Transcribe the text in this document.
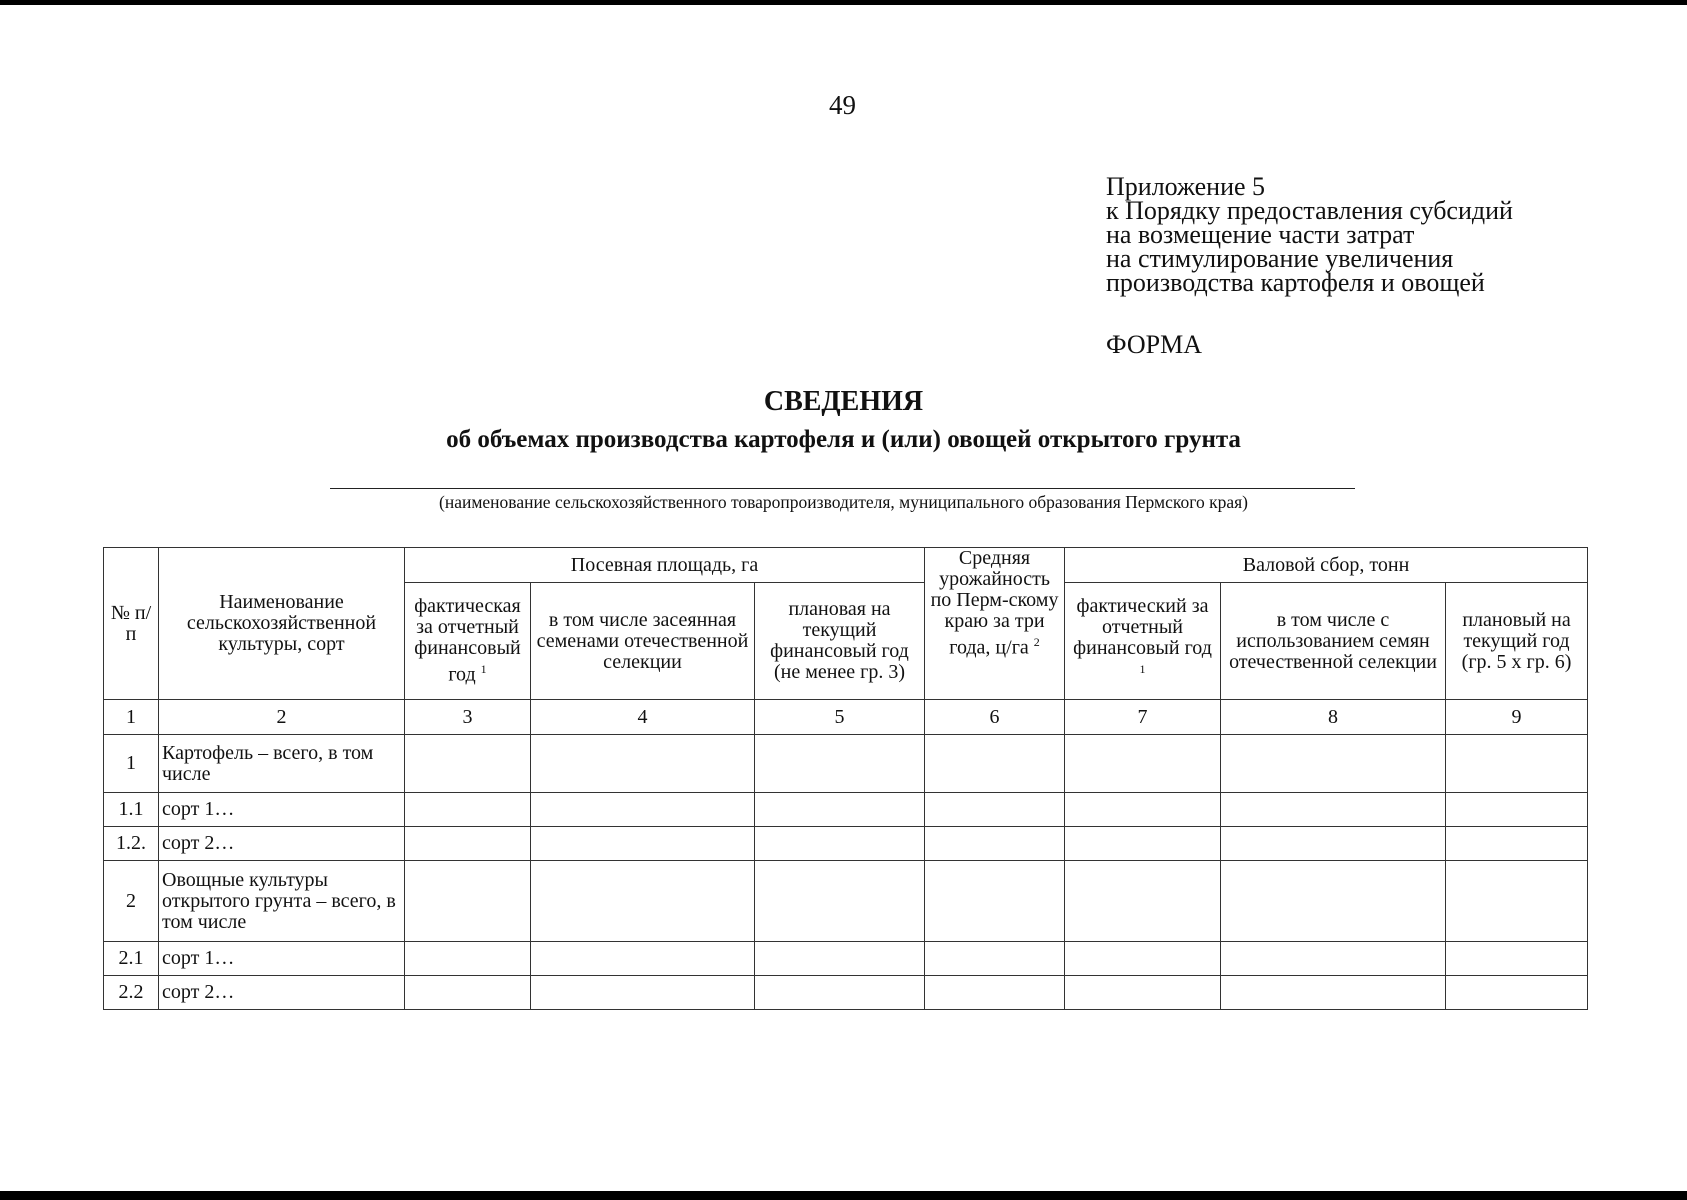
49
Приложение 5
к Порядку предоставления субсидий
на возмещение части затрат
на стимулирование увеличения
производства картофеля и овощей
ФОРМА
СВЕДЕНИЯ
об объемах производства картофеля и (или) овощей открытого грунта
(наименование сельскохозяйственного товаропроизводителя, муниципального образования Пермского края)
№ п/п	Наименование сельскохозяйственной культуры, сорт	Посевная площадь, га			Средняя урожайность по Перм-скому краю за три года, ц/га $^2$	Валовой сбор, тонн		
		фактическая за отчетный финансовый год $^1$	в том числе засеянная семенами отечественной селекции	плановая на текущий финансовый год (не менее гр. 3)		фактический за отчетный финансовый год $^1$	в том числе с использованием семян отечественной селекции	плановый на текущий год (гр. 5 х гр. 6)
1	2	3	4	5	6	7	8	9
1	Картофель – всего, в том числе							
1.1	сорт 1…							
1.2.	сорт 2…							
2	Овощные культуры открытого грунта – всего, в том числе							
2.1	сорт 1…							
2.2	сорт 2…							
